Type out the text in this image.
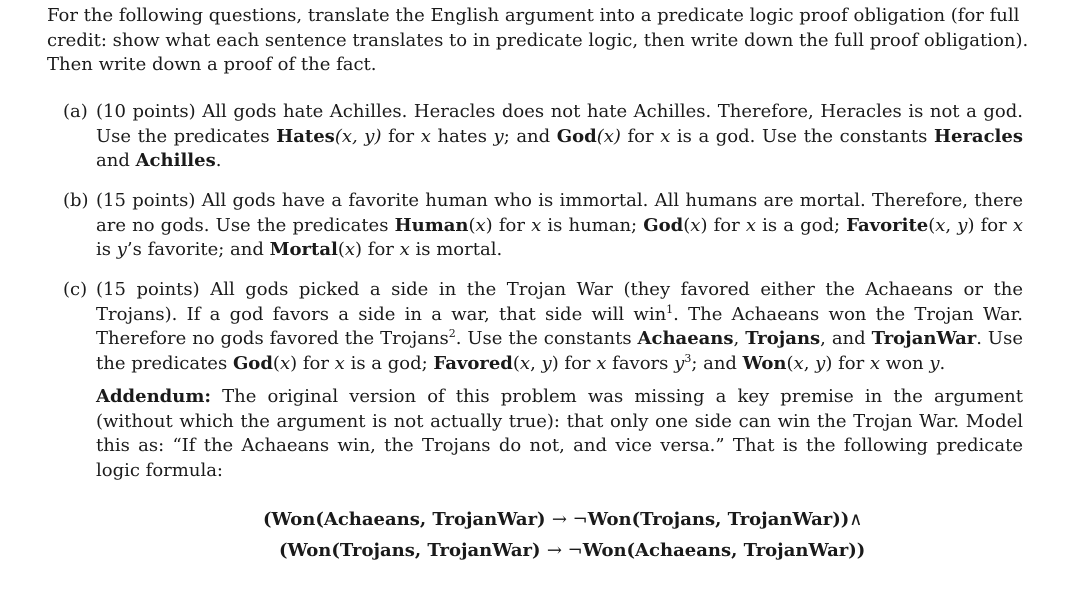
For the following questions, translate the English argument into a predicate logic proof obligation (for full credit: show what each sentence translates to in predicate logic, then write down the full proof obligation). Then write down a proof of the fact.

(a) (10 points) All gods hate Achilles. Heracles does not hate Achilles. Therefore, Heracles is not a god. Use the predicates Hates(x, y) for x hates y; and God(x) for x is a god. Use the constants Heracles and Achilles.

(b) (15 points) All gods have a favorite human who is immortal. All humans are mortal. Therefore, there are no gods. Use the predicates Human(x) for x is human; God(x) for x is a god; Favorite(x, y) for x is y’s favorite; and Mortal(x) for x is mortal.

(c) (15 points) All gods picked a side in the Trojan War (they favored either the Achaeans or the Trojans). If a god favors a side in a war, that side will win$^1$. The Achaeans won the Trojan War. Therefore no gods favored the Trojans$^2$. Use the constants Achaeans, Trojans, and TrojanWar. Use the predicates God(x) for x is a god; Favored(x, y) for x favors $y^3$; and Won(x, y) for x won y.

Addendum: The original version of this problem was missing a key premise in the argument (without which the argument is not actually true): that only one side can win the Trojan War. Model this as: “If the Achaeans win, the Trojans do not, and vice versa.” That is the following predicate logic formula:

(Won(Achaeans, TrojanWar) → ¬Won(Trojans, TrojanWar))∧

(Won(Trojans, TrojanWar) → ¬Won(Achaeans, TrojanWar))
